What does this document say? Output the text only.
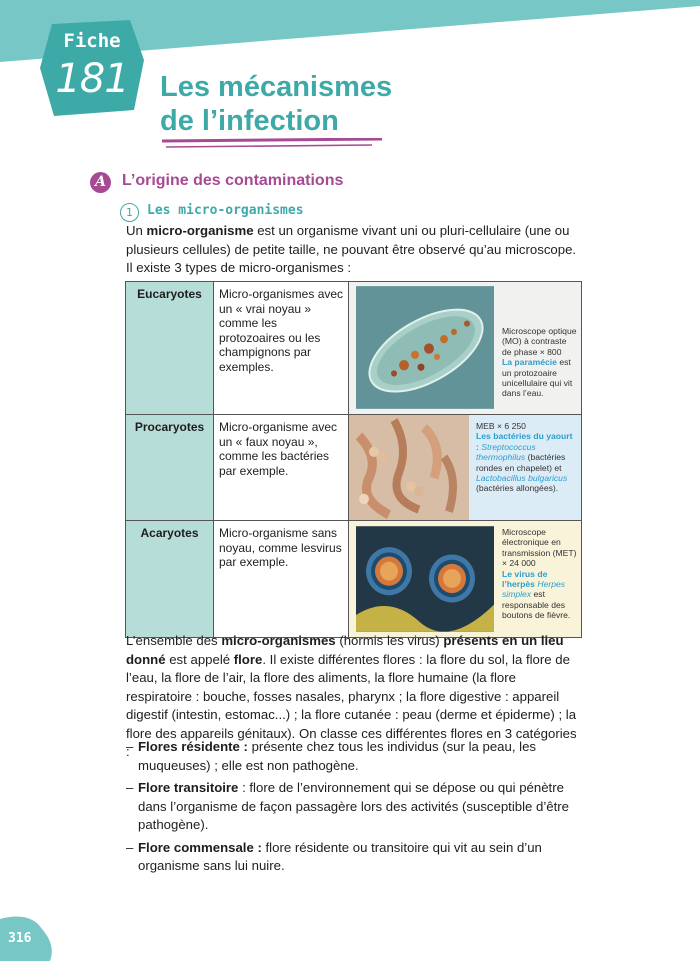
Fiche
181	Les mécanismes
de l’infection
A	L’origine des contaminations
1	Les micro-organismes

Un micro-organisme est un organisme vivant uni ou pluri-cellulaire (une ou plusieurs cellules) de petite taille, ne pouvant être observé qu’au microscope. Il existe 3 types de micro-organismes :

Eucaryotes	Micro-organismes avec un « vrai noyau » comme les protozoaires ou les champignons par exemples.	Microscope optique (MO) à contraste de phase × 800
La paramécie est un protozoaire unicellulaire qui vit dans l’eau.

Procaryotes	Micro-organisme avec un « faux noyau », comme les bactéries par exemple.	MEB × 6 250
Les bactéries du yaourt : Streptococcus thermophilus (bactéries rondes en chapelet) et Lactobacillus bulgaricus (bactéries allongées).

Acaryotes	Micro-organisme sans noyau, comme lesvirus par exemple.	Microscope électronique en transmission (MET) × 24 000
Le virus de l’herpès Herpes simplex est responsable des boutons de fièvre.

L’ensemble des micro-organismes (hormis les virus) présents en un lieu donné est appelé flore. Il existe différentes flores : la flore du sol, la flore de l’eau, la flore de l’air, la flore des aliments, la flore humaine (la flore respiratoire : bouche, fosses nasales, pharynx ; la flore digestive : appareil digestif (intestin, estomac...) ; la flore cutanée : peau (derme et épiderme) ; la flore des appareils génitaux). On classe ces différentes flores en 3 catégories : – Flores résidente : présente chez tous les individus (sur la peau, les muqueuses) ; elle est non pathogène.
– Flore transitoire : flore de l’environnement qui se dépose ou qui pénètre dans l’organisme de façon passagère lors des activités (susceptible d’être pathogène).
– Flore commensale : flore résidente ou transitoire qui vit au sein d’un organisme sans lui nuire.
316
